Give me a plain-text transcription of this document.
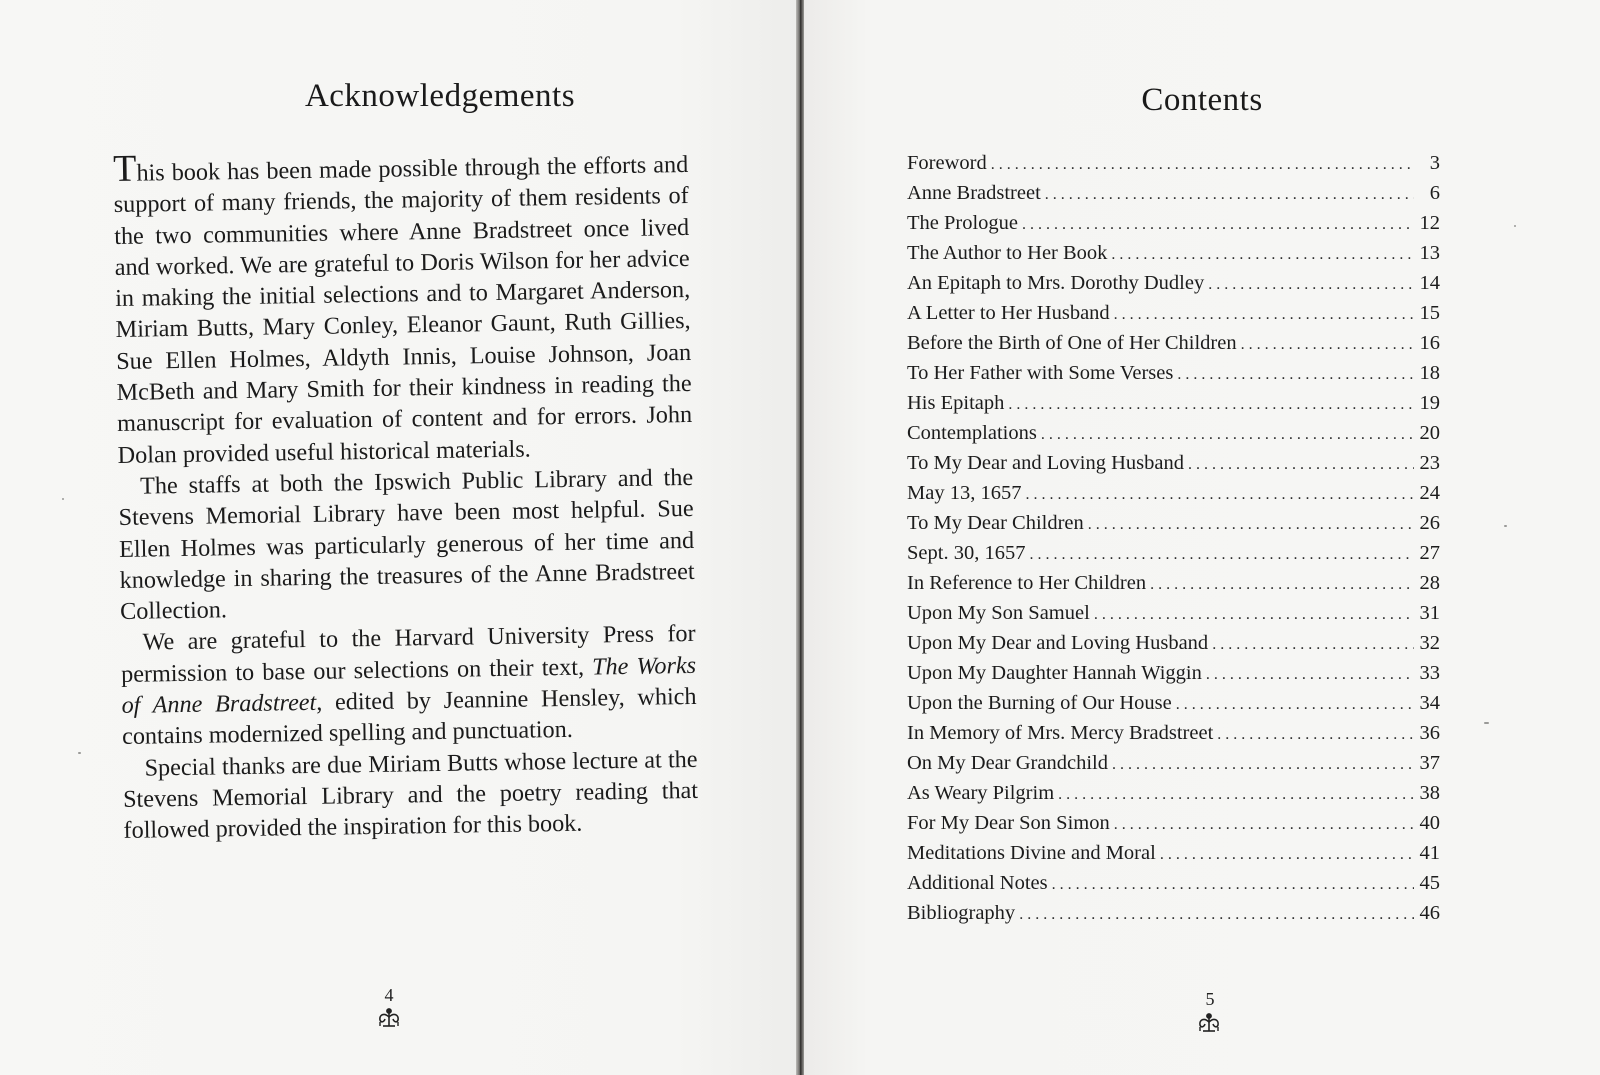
Acknowledgements

This book has been made possible through the efforts and support of many friends, the majority of them residents of the two communities where Anne Bradstreet once lived and worked. We are grateful to Doris Wilson for her advice in making the initial selections and to Margaret Anderson, Miriam Butts, Mary Conley, Eleanor Gaunt, Ruth Gillies, Sue Ellen Holmes, Aldyth Innis, Louise Johnson, Joan McBeth and Mary Smith for their kindness in reading the manuscript for evaluation of content and for errors. John Dolan provided useful historical materials.

The staffs at both the Ipswich Public Library and the Stevens Memorial Library have been most helpful. Sue Ellen Holmes was particularly generous of her time and knowledge in sharing the treasures of the Anne Bradstreet Collection.

We are grateful to the Harvard University Press for permission to base our selections on their text, The Works of Anne Bradstreet, edited by Jeannine Hensley, which contains modernized spelling and punctuation.

Special thanks are due Miriam Butts whose lecture at the Stevens Memorial Library and the poetry reading that followed provided the inspiration for this book.

4
Contents
Foreword . . .	3
Anne Bradstreet . . .	6
The Prologue . . .	12
The Author to Her Book . . .	13
An Epitaph to Mrs. Dorothy Dudley . . .	14
A Letter to Her Husband . . .	15
Before the Birth of One of Her Children . . .	16
To Her Father with Some Verses . . .	18
His Epitaph . . .	19
Contemplations . . .	20
To My Dear and Loving Husband . . .	23
May 13, 1657 . . .	24
To My Dear Children . . .	26
Sept. 30, 1657 . . .	27
In Reference to Her Children . . .	28
Upon My Son Samuel . . .	31
Upon My Dear and Loving Husband . . .	32
Upon My Daughter Hannah Wiggin . . .	33
Upon the Burning of Our House . . .	34
In Memory of Mrs. Mercy Bradstreet . . .	36
On My Dear Grandchild . . .	37
As Weary Pilgrim . . .	38
For My Dear Son Simon . . .	40
Meditations Divine and Moral . . .	41
Additional Notes . . .	45
Bibliography . . .	46
5
